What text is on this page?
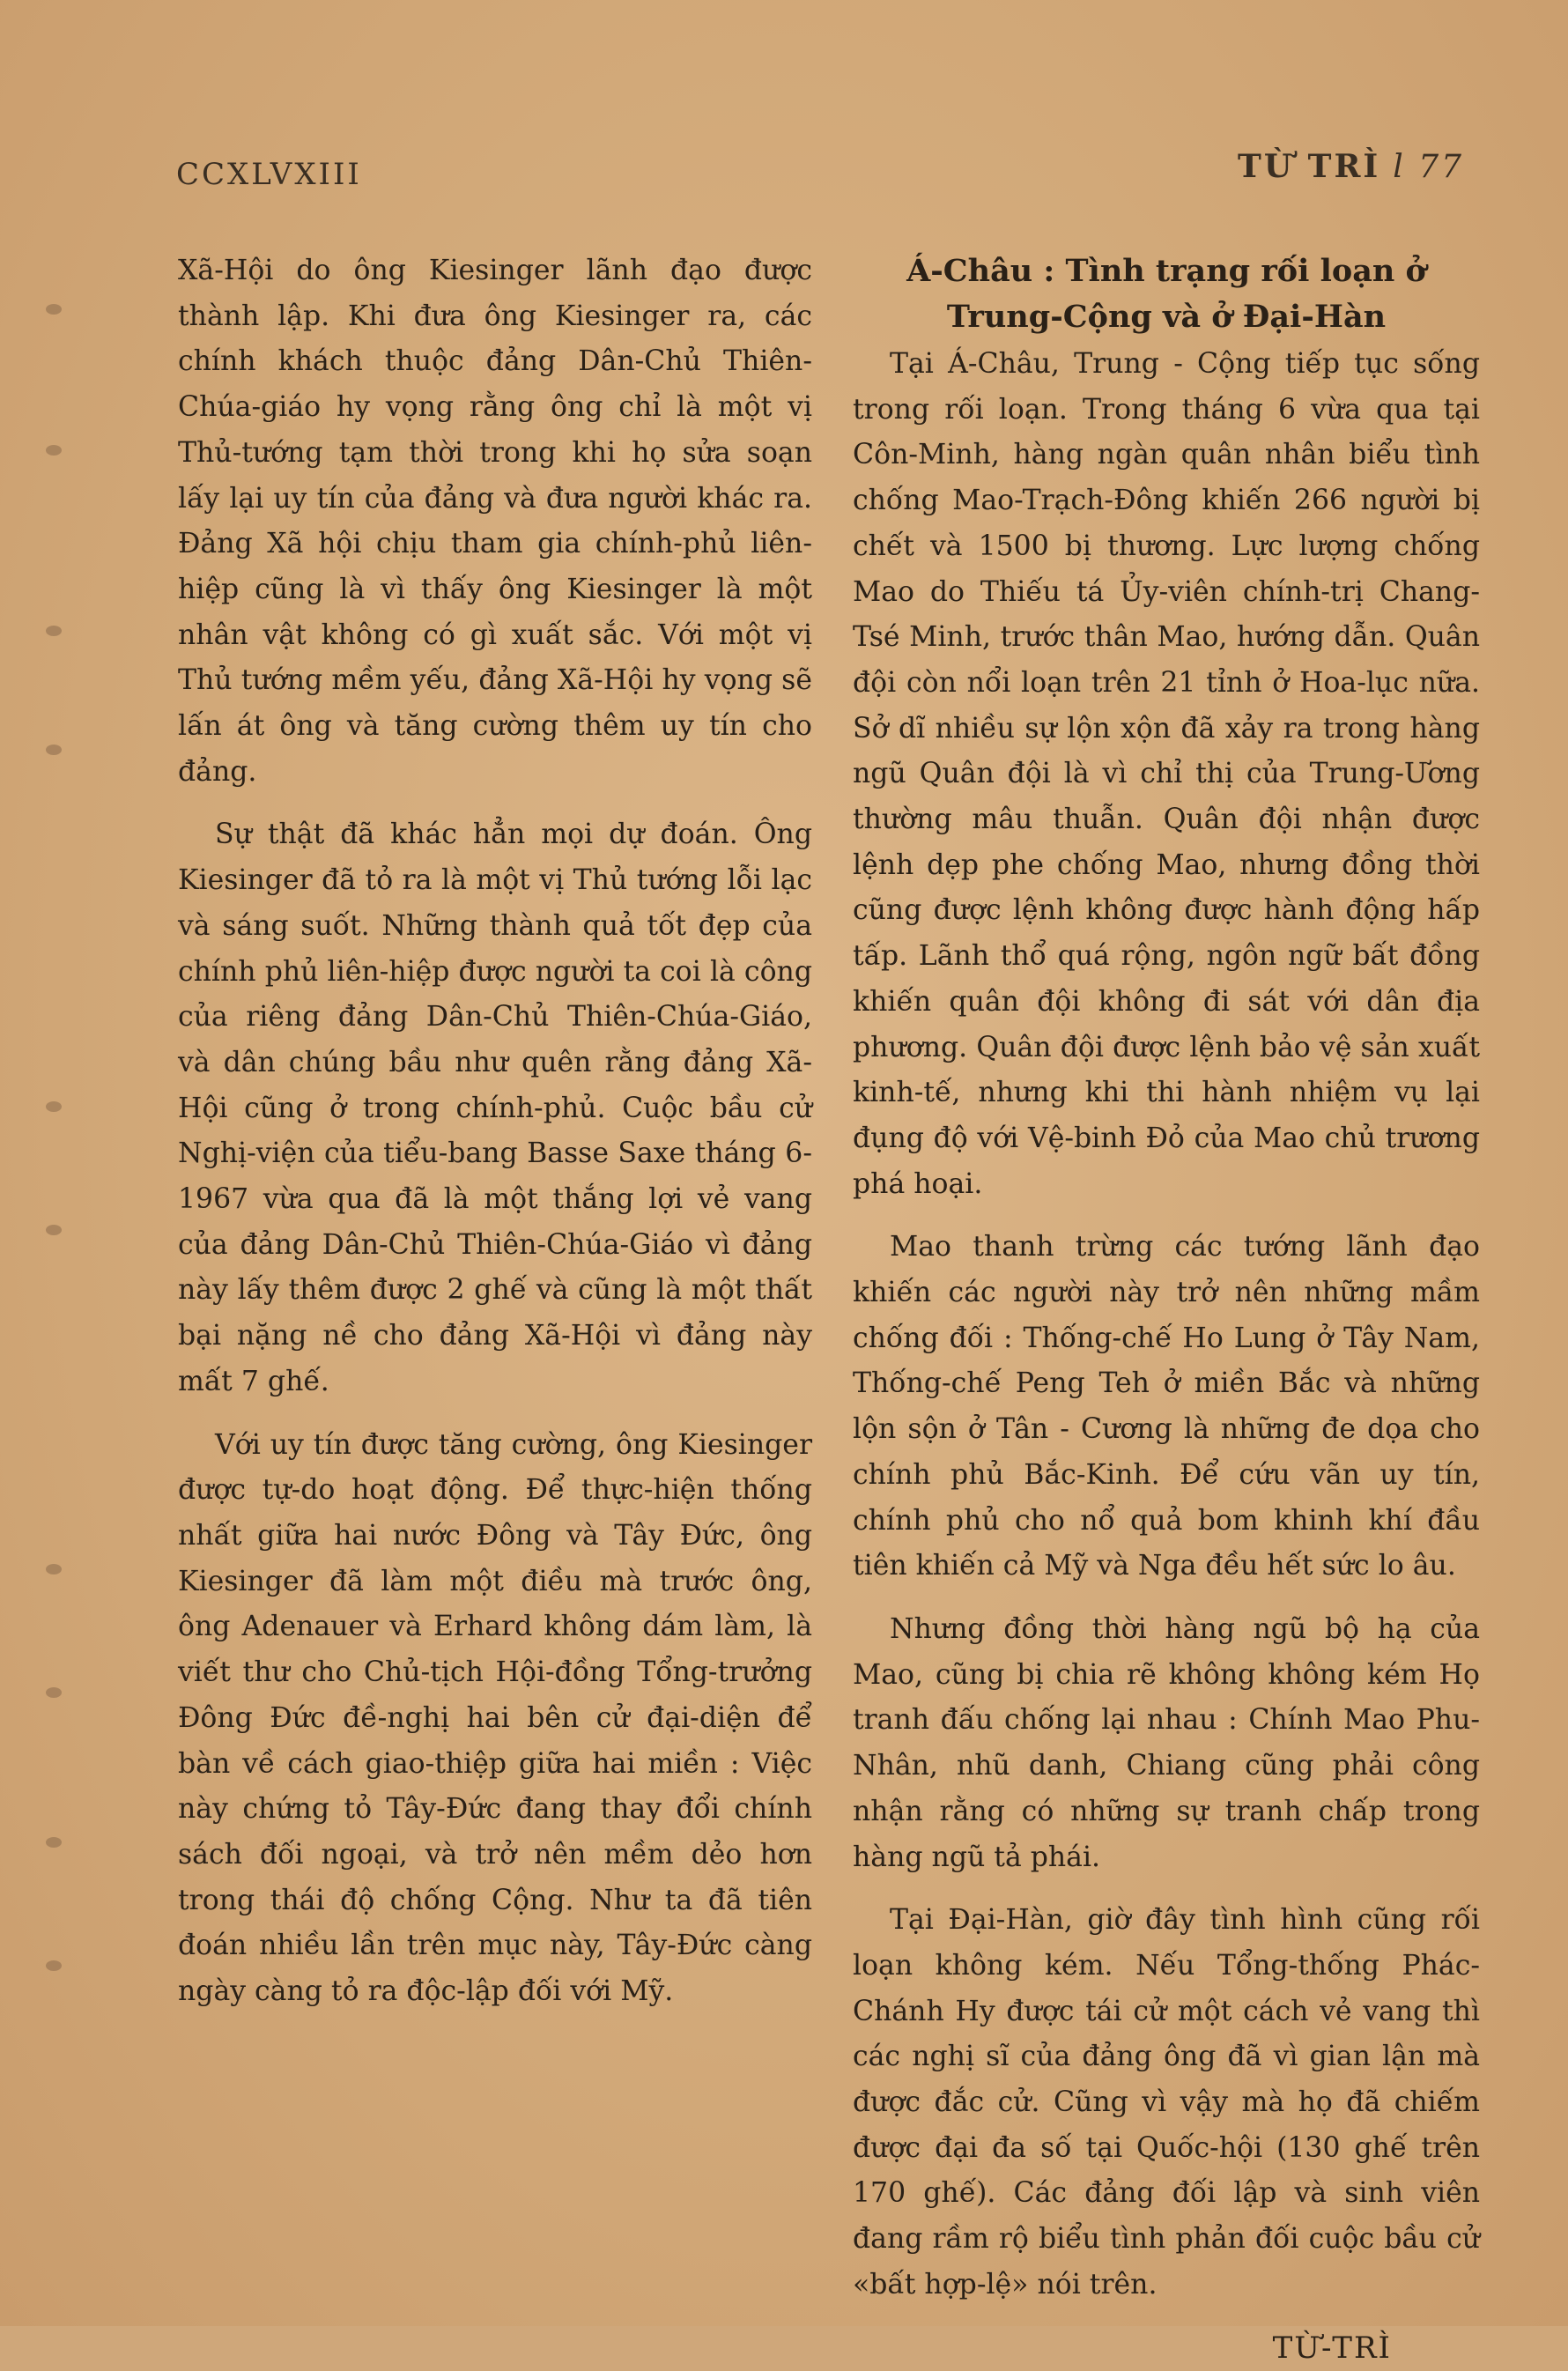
CCXLVXIII	TỪ TRÌ l 77

Xã-Hội do ông Kiesinger lãnh đạo được thành lập. Khi đưa ông Kiesinger ra, các chính khách thuộc đảng Dân-Chủ Thiên-Chúa-giáo hy vọng rằng ông chỉ là một vị Thủ-tướng tạm thời trong khi họ sửa soạn lấy lại uy tín của đảng và đưa người khác ra. Đảng Xã hội chịu tham gia chính-phủ liên-hiệp cũng là vì thấy ông Kiesinger là một nhân vật không có gì xuất sắc. Với một vị Thủ tướng mềm yếu, đảng Xã-Hội hy vọng sẽ lấn át ông và tăng cường thêm uy tín cho đảng.

Sự thật đã khác hẳn mọi dự đoán. Ông Kiesinger đã tỏ ra là một vị Thủ tướng lỗi lạc và sáng suốt. Những thành quả tốt đẹp của chính phủ liên-hiệp được người ta coi là công của riêng đảng Dân-Chủ Thiên-Chúa-Giáo, và dân chúng bầu như quên rằng đảng Xã-Hội cũng ở trong chính-phủ. Cuộc bầu cử Nghị-viện của tiểu-bang Basse Saxe tháng 6-1967 vừa qua đã là một thắng lợi vẻ vang của đảng Dân-Chủ Thiên-Chúa-Giáo vì đảng này lấy thêm được 2 ghế và cũng là một thất bại nặng nề cho đảng Xã-Hội vì đảng này mất 7 ghế.

Với uy tín được tăng cường, ông Kiesinger được tự-do hoạt động. Để thực-hiện thống nhất giữa hai nước Đông và Tây Đức, ông Kiesinger đã làm một điều mà trước ông, ông Adenauer và Erhard không dám làm, là viết thư cho Chủ-tịch Hội-đồng Tổng-trưởng Đông Đức đề-nghị hai bên cử đại-diện để bàn về cách giao-thiệp giữa hai miền : Việc này chứng tỏ Tây-Đức đang thay đổi chính sách đối ngoại, và trở nên mềm dẻo hơn trong thái độ chống Cộng. Như ta đã tiên đoán nhiều lần trên mục này, Tây-Đức càng ngày càng tỏ ra độc-lập đối với Mỹ.

Á-Châu : Tình trạng rối loạn ở
Trung-Cộng và ở Đại-Hàn

Tại Á-Châu, Trung - Cộng tiếp tục sống trong rối loạn. Trong tháng 6 vừa qua tại Côn-Minh, hàng ngàn quân nhân biểu tình chống Mao-Trạch-Đông khiến 266 người bị chết và 1500 bị thương. Lực lượng chống Mao do Thiếu tá Ủy-viên chính-trị Chang-Tsé Minh, trước thân Mao, hướng dẫn. Quân đội còn nổi loạn trên 21 tỉnh ở Hoa-lục nữa. Sở dĩ nhiều sự lộn xộn đã xảy ra trong hàng ngũ Quân đội là vì chỉ thị của Trung-Ương thường mâu thuẫn. Quân đội nhận được lệnh dẹp phe chống Mao, nhưng đồng thời cũng được lệnh không được hành động hấp tấp. Lãnh thổ quá rộng, ngôn ngữ bất đồng khiến quân đội không đi sát với dân địa phương. Quân đội được lệnh bảo vệ sản xuất kinh-tế, nhưng khi thi hành nhiệm vụ lại đụng độ với Vệ-binh Đỏ của Mao chủ trương phá hoại.

Mao thanh trừng các tướng lãnh đạo khiến các người này trở nên những mầm chống đối : Thống-chế Ho Lung ở Tây Nam, Thống-chế Peng Teh ở miền Bắc và những lộn sộn ở Tân - Cương là những đe dọa cho chính phủ Bắc-Kinh. Để cứu vãn uy tín, chính phủ cho nổ quả bom khinh khí đầu tiên khiến cả Mỹ và Nga đều hết sức lo âu.

Nhưng đồng thời hàng ngũ bộ hạ của Mao, cũng bị chia rẽ không không kém Họ tranh đấu chống lại nhau : Chính Mao Phu-Nhân, nhũ danh, Chiang cũng phải công nhận rằng có những sự tranh chấp trong hàng ngũ tả phái.

Tại Đại-Hàn, giờ đây tình hình cũng rối loạn không kém. Nếu Tổng-thống Phác-Chánh Hy được tái cử một cách vẻ vang thì các nghị sĩ của đảng ông đã vì gian lận mà được đắc cử. Cũng vì vậy mà họ đã chiếm được đại đa số tại Quốc-hội (130 ghế trên 170 ghế). Các đảng đối lập và sinh viên đang rầm rộ biểu tình phản đối cuộc bầu cử «bất hợp-lệ» nói trên.

TỪ-TRÌ
